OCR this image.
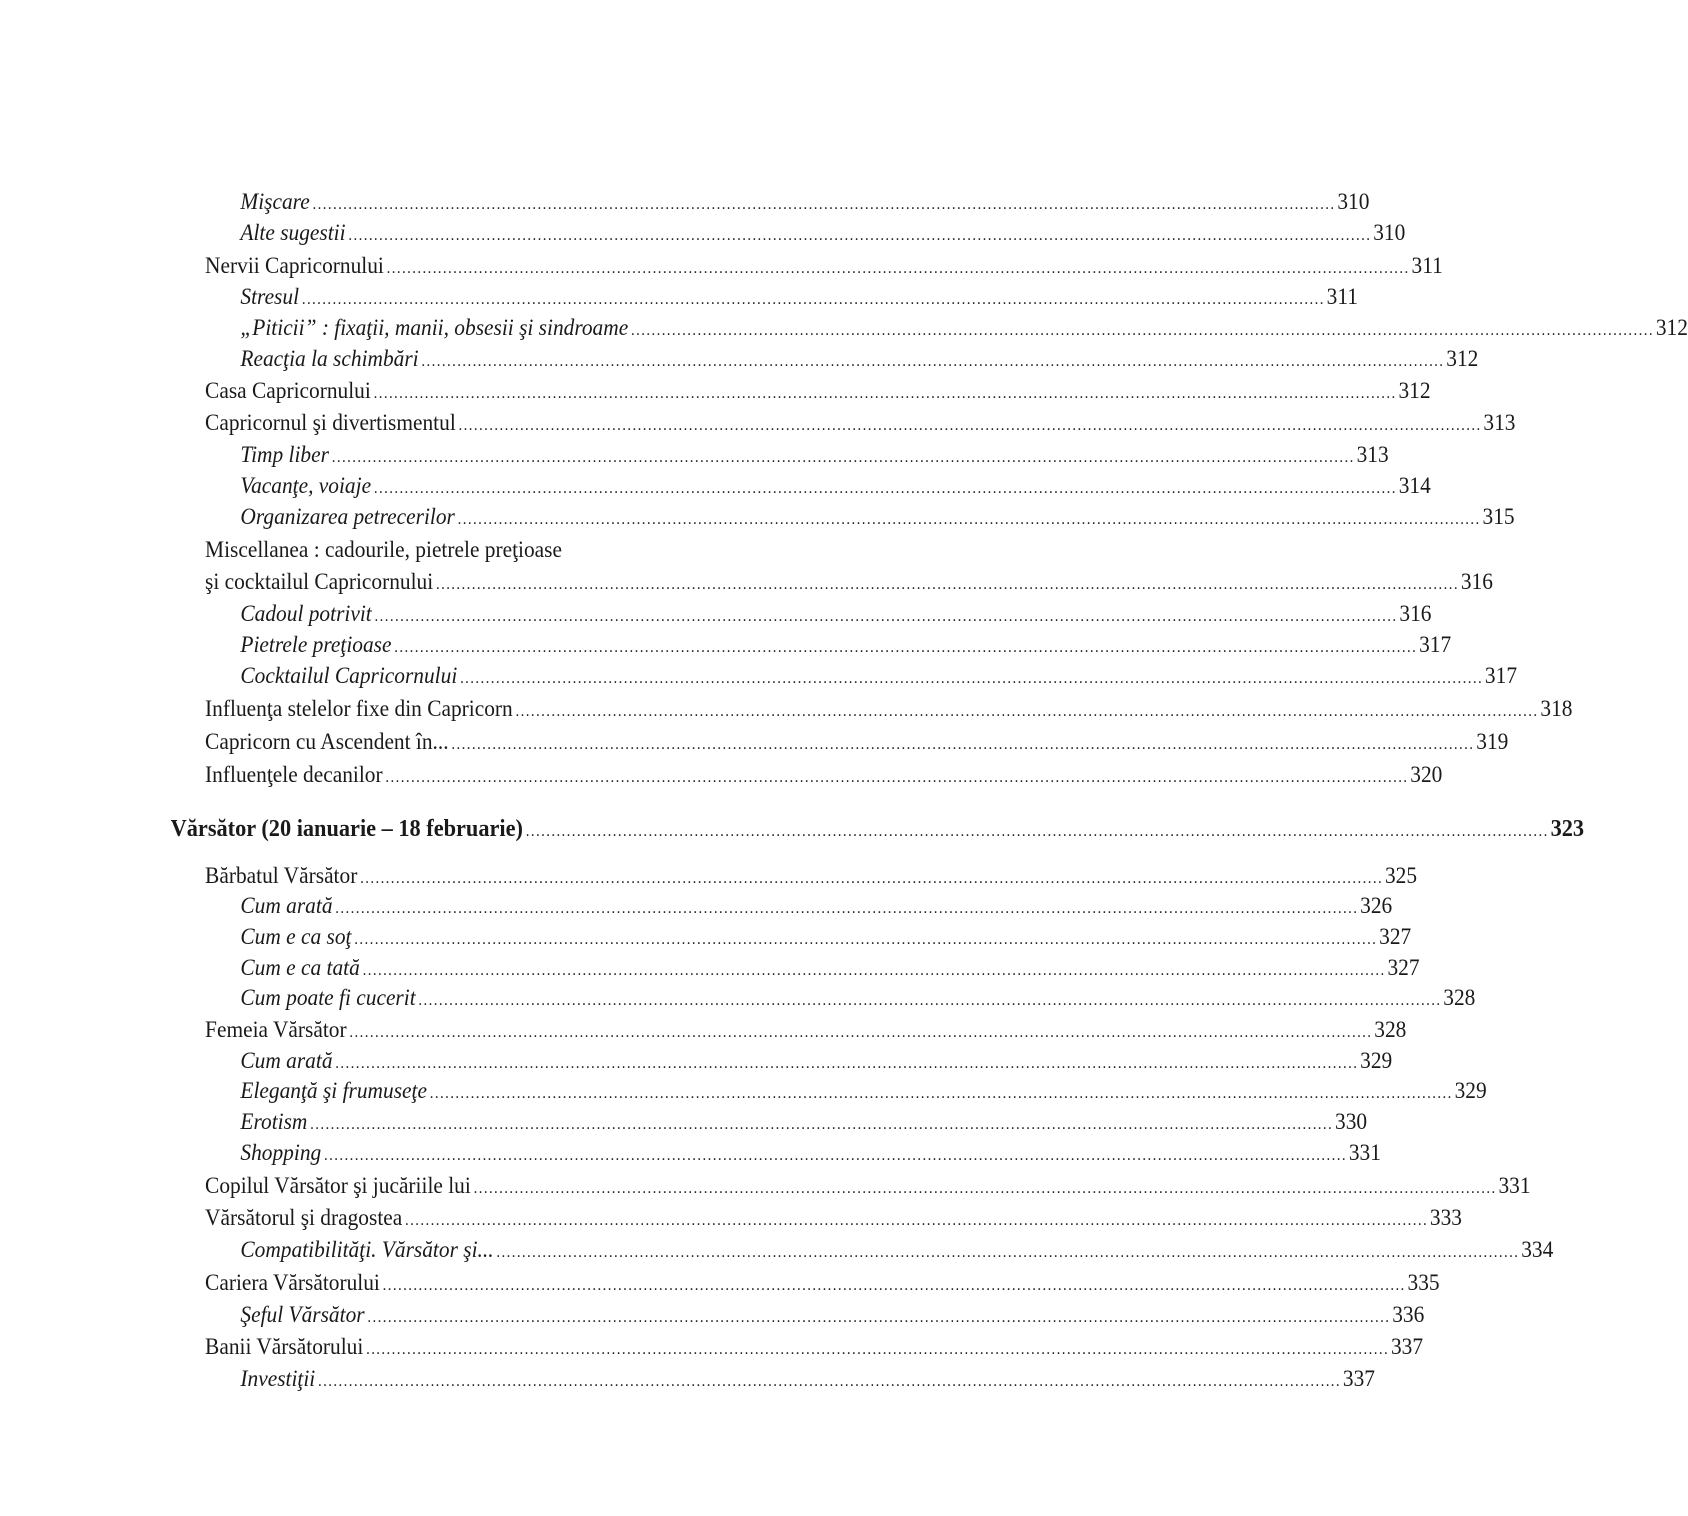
Mişcare ........................................................................................................................................................................................................ 310
Alte sugestii ........................................................................................................................................................................................................ 310
Nervii Capricornului ........................................................................................................................................................................................................ 311
Stresul ........................................................................................................................................................................................................ 311
„Piticii” : fixaţii, manii, obsesii şi sindroame ........................................................................................................................................................................................................ 312
Reacţia la schimbări ........................................................................................................................................................................................................ 312
Casa Capricornului ........................................................................................................................................................................................................ 312
Capricornul şi divertismentul ........................................................................................................................................................................................................ 313
Timp liber ........................................................................................................................................................................................................ 313
Vacanţe, voiaje ........................................................................................................................................................................................................ 314
Organizarea petrecerilor ........................................................................................................................................................................................................ 315
Miscellanea : cadourile, pietrele preţioase
şi cocktailul Capricornului ........................................................................................................................................................................................................ 316
Cadoul potrivit ........................................................................................................................................................................................................ 316
Pietrele preţioase ........................................................................................................................................................................................................ 317
Cocktailul Capricornului ........................................................................................................................................................................................................ 317
Influenţa stelelor fixe din Capricorn ........................................................................................................................................................................................................ 318
Capricorn cu Ascendent în... ........................................................................................................................................................................................................ 319
Influenţele decanilor ........................................................................................................................................................................................................ 320
Vărsător (20 ianuarie – 18 februarie) ........................................................................................................................................................................................................ 323
Bărbatul Vărsător ........................................................................................................................................................................................................ 325
Cum arată ........................................................................................................................................................................................................ 326
Cum e ca soţ ........................................................................................................................................................................................................ 327
Cum e ca tată ........................................................................................................................................................................................................ 327
Cum poate fi cucerit ........................................................................................................................................................................................................ 328
Femeia Vărsător ........................................................................................................................................................................................................ 328
Cum arată ........................................................................................................................................................................................................ 329
Eleganţă şi frumuseţe ........................................................................................................................................................................................................ 329
Erotism ........................................................................................................................................................................................................ 330
Shopping ........................................................................................................................................................................................................ 331
Copilul Vărsător şi jucăriile lui ........................................................................................................................................................................................................ 331
Vărsătorul şi dragostea ........................................................................................................................................................................................................ 333
Compatibilităţi. Vărsător şi... ........................................................................................................................................................................................................ 334
Cariera Vărsătorului ........................................................................................................................................................................................................ 335
Şeful Vărsător ........................................................................................................................................................................................................ 336
Banii Vărsătorului ........................................................................................................................................................................................................ 337
Investiţii ........................................................................................................................................................................................................ 337
